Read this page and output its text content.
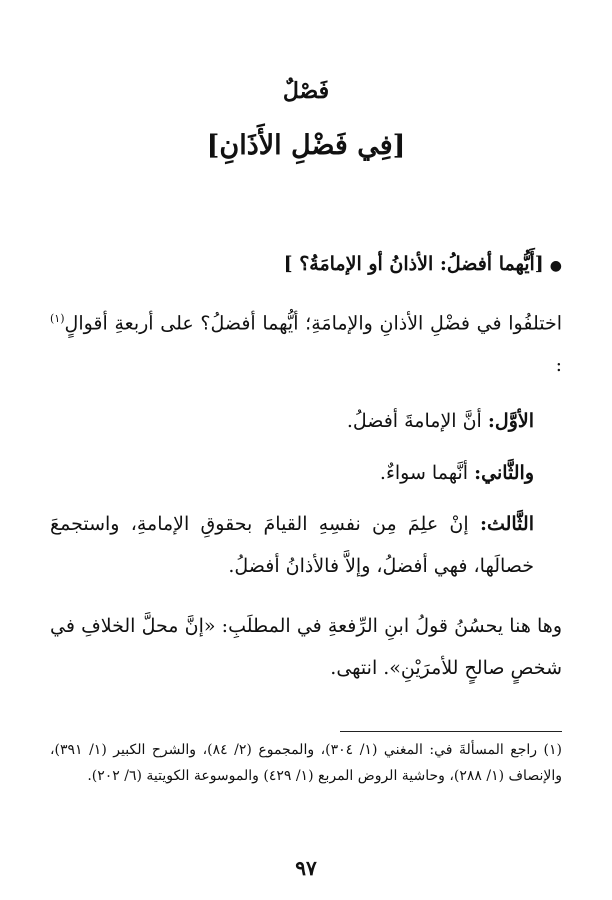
فَصْلٌ
[فِي فَضْلِ الأَذَانِ]
●[أَيُّهما أفضلُ: الأذانُ أو الإمامَةُ؟ ]
اختلفُوا في فضْلِ الأذانِ والإمامَةِ؛ أيُّهما أفضلُ؟ على أربعةِ أقوالٍ$^{(١)}$ :
الأوَّل: أنَّ الإمامةَ أفضلُ.
والثَّاني: أنَّهما سواءٌ.
الثَّالث: إنْ علِمَ مِن نفسِهِ القيامَ بحقوقِ الإمامةِ، واستجمعَ خصالَها، فهي أفضلُ، وإلاَّ فالأذانُ أفضلُ.
وها هنا يحسُنُ قولُ ابنِ الرِّفعةِ في المطلَبِ: «إنَّ محلَّ الخلافِ في شخصٍ صالحٍ للأمرَيْنِ». انتهى.
(١) راجع المسألةَ في: المغني (١/ ٣٠٤)، والمجموع (٢/ ٨٤)، والشرح الكبير (١/ ٣٩١)، والإنصاف (١/ ٢٨٨)، وحاشية الروض المربع (١/ ٤٢٩) والموسوعة الكويتية (٦/ ٢٠٢).
٩٧
